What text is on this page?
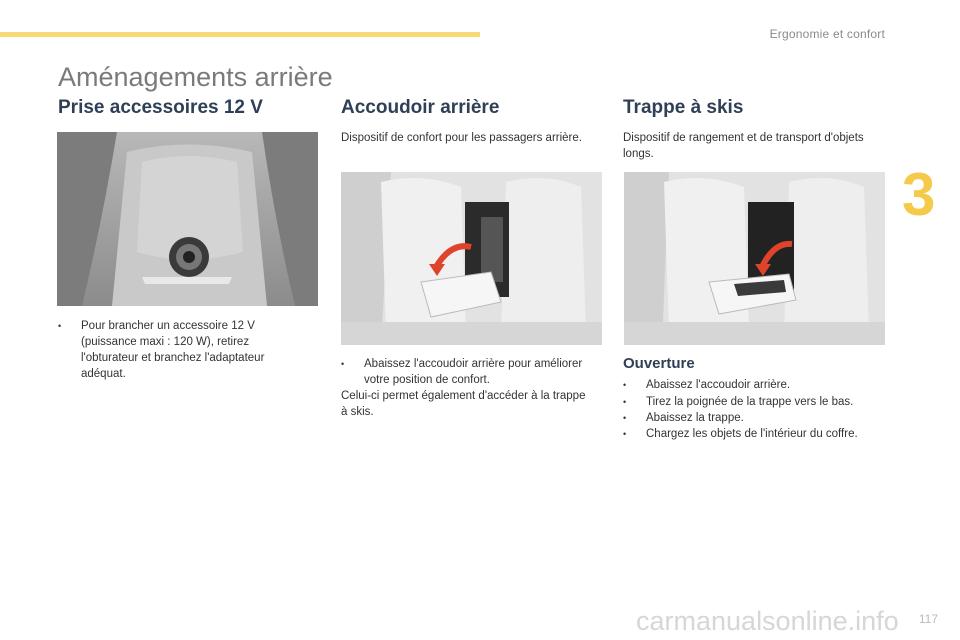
Ergonomie et confort
3
Aménagements arrière
Prise accessoires 12 V
•	Pour brancher un accessoire 12 V (puissance maxi : 120 W), retirez l'obturateur et branchez l'adaptateur adéquat.
Accoudoir arrière
Dispositif de confort pour les passagers arrière.
•	Abaissez l'accoudoir arrière pour améliorer votre position de confort.
Celui-ci permet également d'accéder à la trappe à skis.
Trappe à skis
Dispositif de rangement et de transport d'objets longs.
Ouverture
•	Abaissez l'accoudoir arrière.
•	Tirez la poignée de la trappe vers le bas.
•	Abaissez la trappe.
•	Chargez les objets de l'intérieur du coffre.
117
carmanualsonline.info
